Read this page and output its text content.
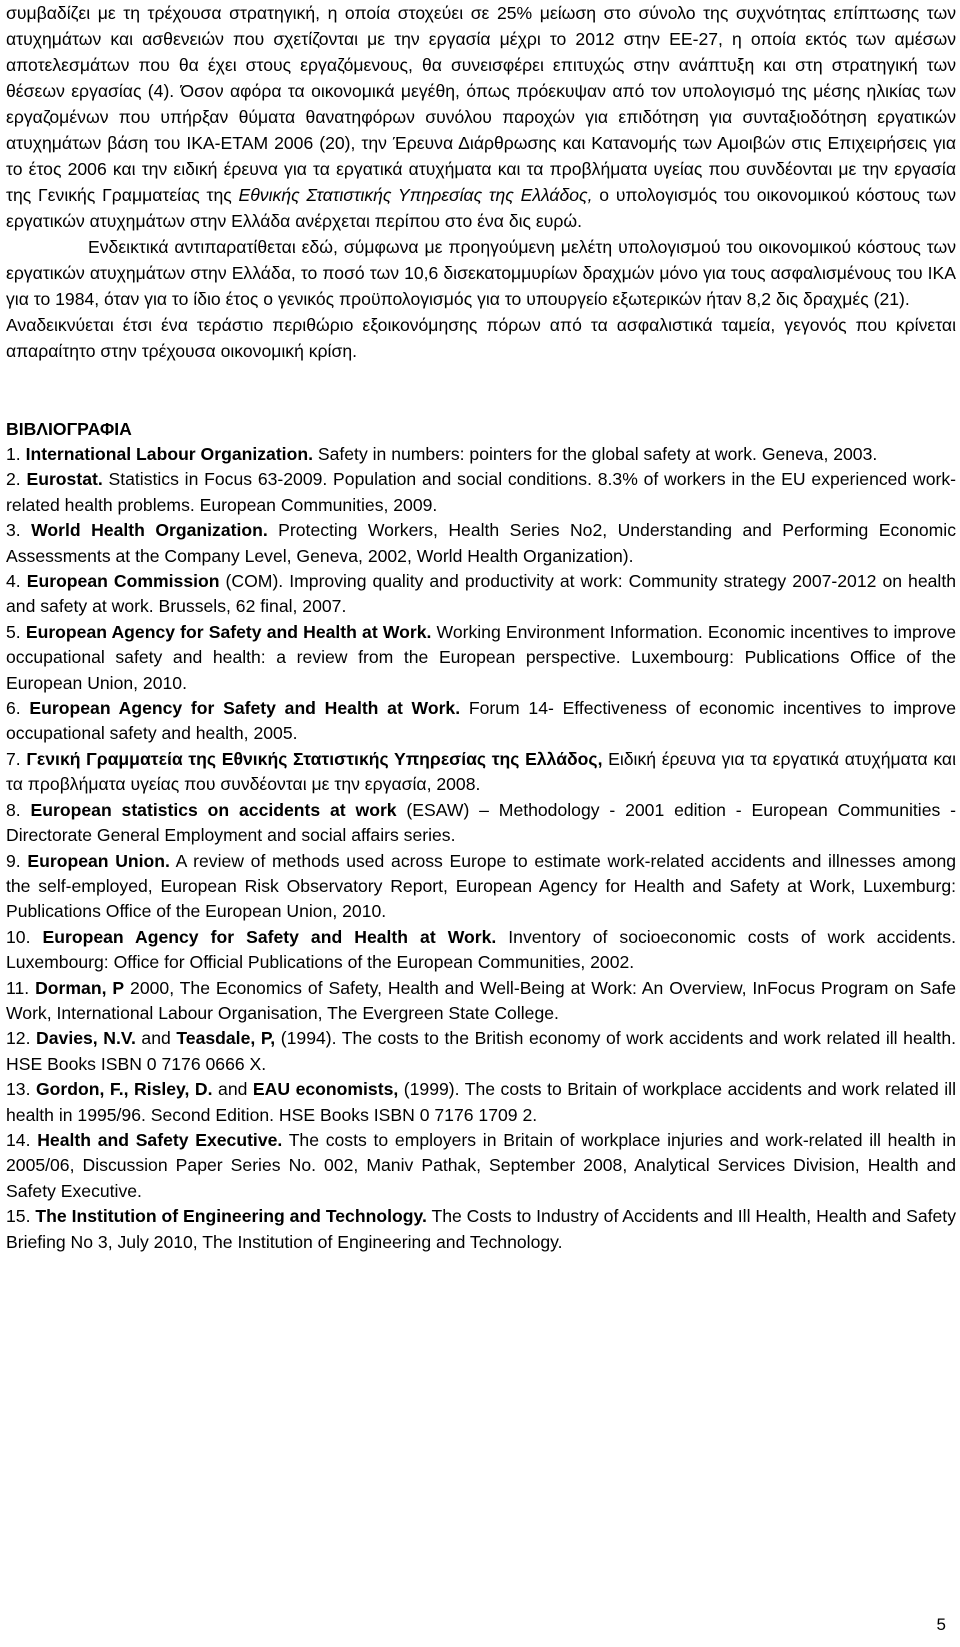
συμβαδίζει με τη τρέχουσα στρατηγική, η οποία στοχεύει σε 25% μείωση στο σύνολο της συχνότητας επίπτωσης των ατυχημάτων και ασθενειών που σχετίζονται με την εργασία μέχρι το 2012 στην ΕΕ-27, η οποία εκτός των αμέσων αποτελεσμάτων που θα έχει στους εργαζόμενους, θα συνεισφέρει επιτυχώς στην ανάπτυξη και στη στρατηγική των θέσεων εργασίας (4). Όσον αφόρα τα οικονομικά μεγέθη, όπως πρόεκυψαν από τον υπολογισμό της μέσης ηλικίας των εργαζομένων που υπήρξαν θύματα θανατηφόρων συνόλου παροχών για επιδότηση για συνταξιοδότηση εργατικών ατυχημάτων βάση του ΙΚΑ-ΕΤΑΜ 2006 (20), την Έρευνα Διάρθρωσης και Κατανομής των Αμοιβών στις Επιχειρήσεις για το έτος 2006 και την ειδική έρευνα για τα εργατικά ατυχήματα και τα προβλήματα υγείας που συνδέονται με την εργασία της Γενικής Γραμματείας της Εθνικής Στατιστικής Υπηρεσίας της Ελλάδος, ο υπολογισμός του οικονομικού κόστους των εργατικών ατυχημάτων στην Ελλάδα ανέρχεται περίπου στο ένα δις ευρώ.

Ενδεικτικά αντιπαρατίθεται εδώ, σύμφωνα με προηγούμενη μελέτη υπολογισμού του οικονομικού κόστους των εργατικών ατυχημάτων στην Ελλάδα, το ποσό των 10,6 δισεκατομμυρίων δραχμών μόνο για τους ασφαλισμένους του ΙΚΑ για το 1984, όταν για το ίδιο έτος ο γενικός προϋπολογισμός για το υπουργείο εξωτερικών ήταν 8,2 δις δραχμές (21).

Αναδεικνύεται έτσι ένα τεράστιο περιθώριο εξοικονόμησης πόρων από τα ασφαλιστικά ταμεία, γεγονός που κρίνεται απαραίτητο στην τρέχουσα οικονομική κρίση.

ΒΙΒΛΙΟΓΡΑΦΙΑ

1. International Labour Organization. Safety in numbers: pointers for the global safety at work. Geneva, 2003.

2. Eurostat. Statistics in Focus 63-2009. Population and social conditions. 8.3% of workers in the EU experienced work-related health problems. European Communities, 2009.

3. World Health Organization. Protecting Workers, Health Series No2, Understanding and Performing Economic Assessments at the Company Level, Geneva, 2002, World Health Organization).

4. European Commission (COM). Improving quality and productivity at work: Community strategy 2007-2012 on health and safety at work. Brussels, 62 final, 2007.

5. European Agency for Safety and Health at Work. Working Environment Information. Economic incentives to improve occupational safety and health: a review from the European perspective. Luxembourg: Publications Office of the European Union, 2010.

6. European Agency for Safety and Health at Work. Forum 14- Effectiveness of economic incentives to improve occupational safety and health, 2005.

7. Γενική Γραμματεία της Εθνικής Στατιστικής Υπηρεσίας της Ελλάδος, Ειδική έρευνα για τα εργατικά ατυχήματα και τα προβλήματα υγείας που συνδέονται με την εργασία, 2008.

8. European statistics on accidents at work (ESAW) – Methodology - 2001 edition - European Communities - Directorate General Employment and social affairs series.

9. European Union. A review of methods used across Europe to estimate work-related accidents and illnesses among the self-employed, European Risk Observatory Report, European Agency for Health and Safety at Work, Luxemburg: Publications Office of the European Union, 2010.

10. European Agency for Safety and Health at Work. Inventory of socioeconomic costs of work accidents. Luxembourg: Office for Official Publications of the European Communities, 2002.

11. Dorman, P 2000, The Economics of Safety, Health and Well-Being at Work: An Overview, InFocus Program on Safe Work, International Labour Organisation, The Evergreen State College.

12. Davies, N.V. and Teasdale, P, (1994). The costs to the British economy of work accidents and work related ill health. HSE Books ISBN 0 7176 0666 X.

13. Gordon, F., Risley, D. and EAU economists, (1999). The costs to Britain of workplace accidents and work related ill health in 1995/96. Second Edition. HSE Books ISBN 0 7176 1709 2.

14. Health and Safety Executive. The costs to employers in Britain of workplace injuries and work-related ill health in 2005/06, Discussion Paper Series No. 002, Maniv Pathak, September 2008, Analytical Services Division, Health and Safety Executive.

15. The Institution of Engineering and Technology. The Costs to Industry of Accidents and Ill Health, Health and Safety Briefing No 3, July 2010, The Institution of Engineering and Technology.

5
